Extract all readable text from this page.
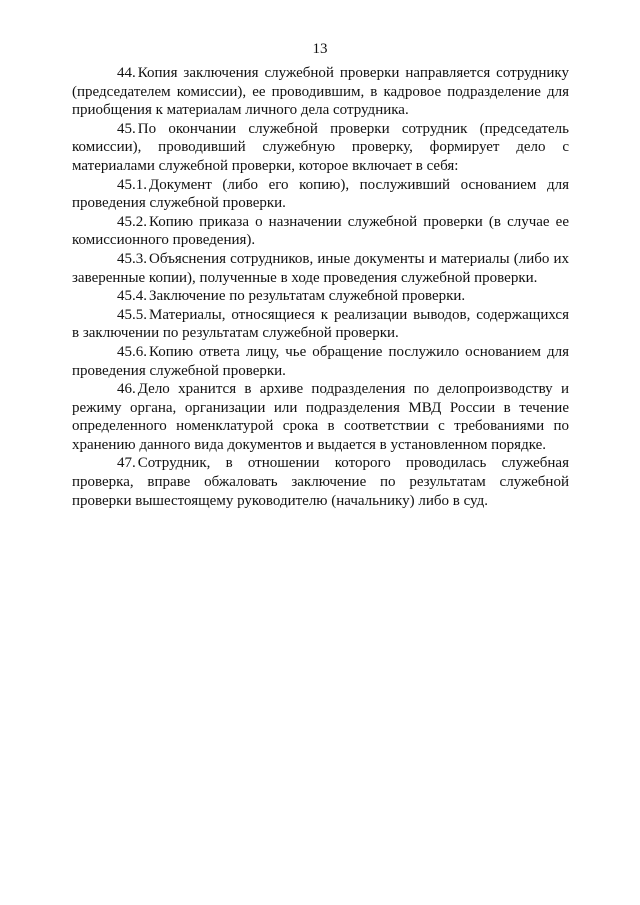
13

44. Копия заключения служебной проверки направляется сотруднику (председателем комиссии), ее проводившим, в кадровое подразделение для приобщения к материалам личного дела сотрудника.

45. По окончании служебной проверки сотрудник (председатель комиссии), проводивший служебную проверку, формирует дело с материалами служебной проверки, которое включает в себя:

45.1. Документ (либо его копию), послуживший основанием для проведения служебной проверки.

45.2. Копию приказа о назначении служебной проверки (в случае ее комиссионного проведения).

45.3. Объяснения сотрудников, иные документы и материалы (либо их заверенные копии), полученные в ходе проведения служебной проверки.

45.4. Заключение по результатам служебной проверки.

45.5. Материалы, относящиеся к реализации выводов, содержащихся в заключении по результатам служебной проверки.

45.6. Копию ответа лицу, чье обращение послужило основанием для проведения служебной проверки.

46. Дело хранится в архиве подразделения по делопроизводству и режиму органа, организации или подразделения МВД России в течение определенного номенклатурой срока в соответствии с требованиями по хранению данного вида документов и выдается в установленном порядке.

47. Сотрудник, в отношении которого проводилась служебная проверка, вправе обжаловать заключение по результатам служебной проверки вышестоящему руководителю (начальнику) либо в суд.
